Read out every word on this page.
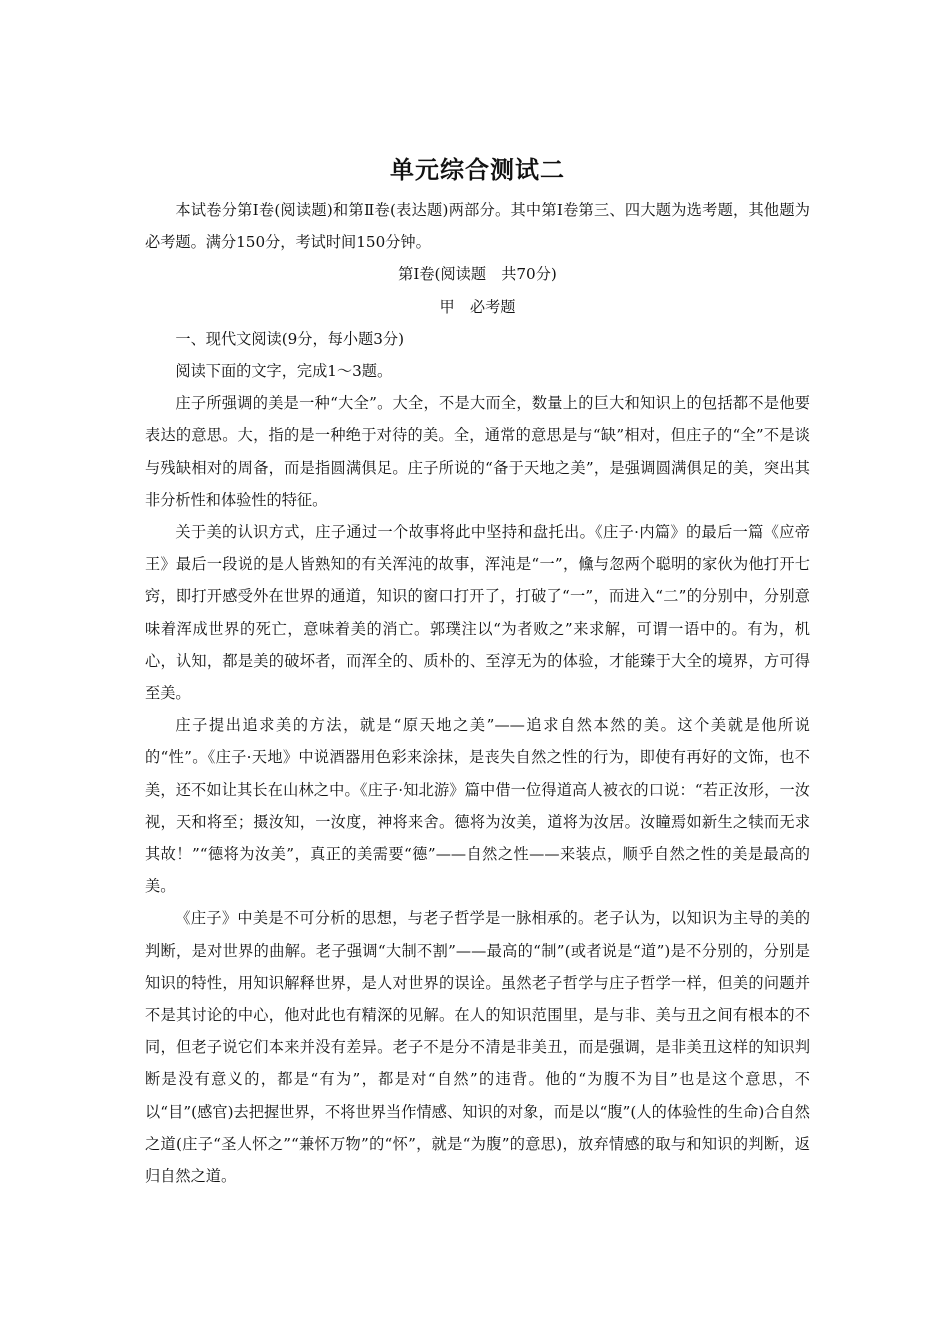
单元综合测试二

本试卷分第Ⅰ卷(阅读题)和第Ⅱ卷(表达题)两部分。其中第Ⅰ卷第三、四大题为选考题，其他题为必考题。满分150分，考试时间150分钟。

第Ⅰ卷(阅读题　共70分)

甲　必考题

一、现代文阅读(9分，每小题3分)

阅读下面的文字，完成1～3题。

庄子所强调的美是一种“大全”。大全，不是大而全，数量上的巨大和知识上的包括都不是他要表达的意思。大，指的是一种绝于对待的美。全，通常的意思是与“缺”相对，但庄子的“全”不是谈与残缺相对的周备，而是指圆满俱足。庄子所说的“备于天地之美”，是强调圆满俱足的美，突出其非分析性和体验性的特征。

关于美的认识方式，庄子通过一个故事将此中坚持和盘托出。《庄子·内篇》的最后一篇《应帝王》最后一段说的是人皆熟知的有关浑沌的故事，浑沌是“一”，儵与忽两个聪明的家伙为他打开七窍，即打开感受外在世界的通道，知识的窗口打开了，打破了“一”，而进入“二”的分别中，分别意味着浑成世界的死亡，意味着美的消亡。郭璞注以“为者败之”来求解，可谓一语中的。有为，机心，认知，都是美的破坏者，而浑全的、质朴的、至淳无为的体验，才能臻于大全的境界，方可得至美。

庄子提出追求美的方法，就是“原天地之美”——追求自然本然的美。这个美就是他所说的“性”。《庄子·天地》中说酒器用色彩来涂抹，是丧失自然之性的行为，即使有再好的文饰，也不美，还不如让其长在山林之中。《庄子·知北游》篇中借一位得道高人被衣的口说：“若正汝形，一汝视，天和将至；摄汝知，一汝度，神将来舍。德将为汝美，道将为汝居。汝瞳焉如新生之犊而无求其故！”“德将为汝美”，真正的美需要“德”——自然之性——来装点，顺乎自然之性的美是最高的美。

《庄子》中美是不可分析的思想，与老子哲学是一脉相承的。老子认为，以知识为主导的美的判断，是对世界的曲解。老子强调“大制不割”——最高的“制”(或者说是“道”)是不分别的，分别是知识的特性，用知识解释世界，是人对世界的误诠。虽然老子哲学与庄子哲学一样，但美的问题并不是其讨论的中心，他对此也有精深的见解。在人的知识范围里，是与非、美与丑之间有根本的不同，但老子说它们本来并没有差异。老子不是分不清是非美丑，而是强调，是非美丑这样的知识判断是没有意义的，都是“有为”，都是对“自然”的违背。他的“为腹不为目”也是这个意思，不以“目”(感官)去把握世界，不将世界当作情感、知识的对象，而是以“腹”(人的体验性的生命)合自然之道(庄子“圣人怀之”“兼怀万物”的“怀”，就是“为腹”的意思)，放弃情感的取与和知识的判断，返归自然之道。
